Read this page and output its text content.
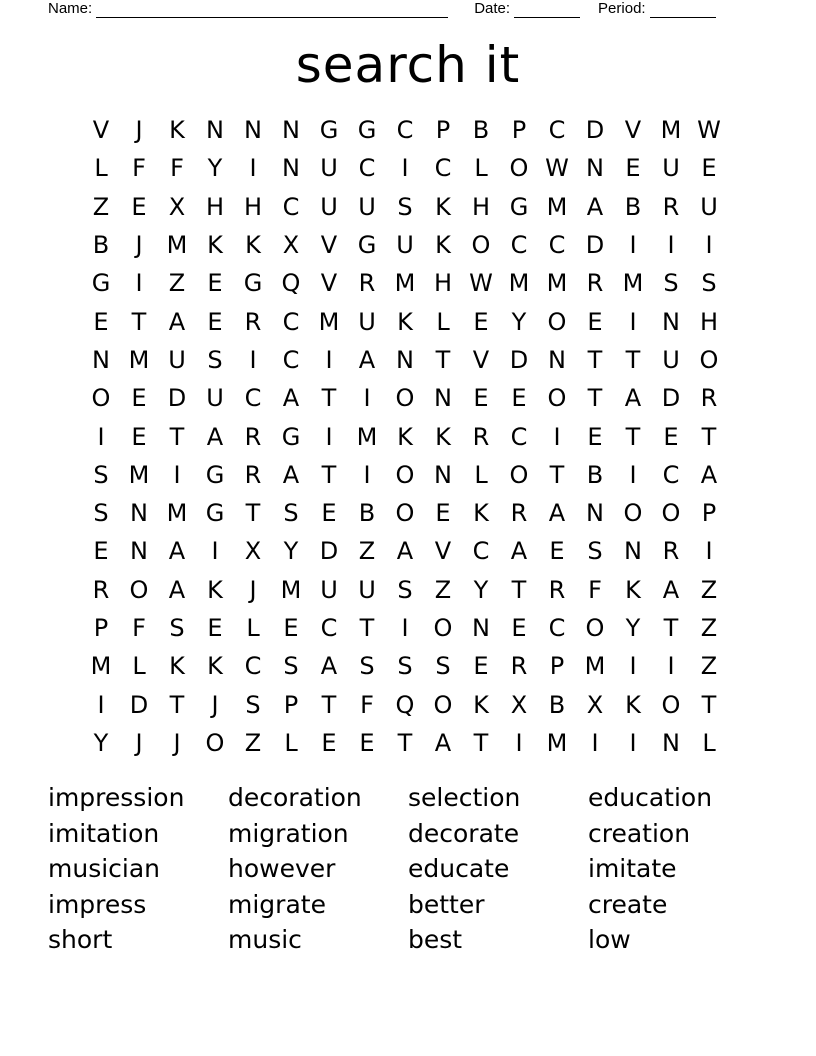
Name:	Date:	Period:
search it
V	J	K N N N G G C P B P C D V M W
L	F	F Y	I	N U C	I	C L O W N E U E
Z E X H H C U U S K H G M A B R U
B	J	M K K X V G U K O C C D	I	I	I
G	I	Z E G Q V R M H W M M R M S S
E T A E R C M U K L E Y O E	I	N H
N M U S	I	C	I	A N T V D N T T U O
O E D U C A T	I	O N E E O T A D R
I	E T A R G	I	M K K R C	I	E T E T
S M	I	G R A T	I	O N L O T B	I	C A
S N M G T S E B O E K R A N O O P
E N A	I	X Y D Z A V C A E S N R	I
R O A K	J	M U U S Z Y T R F K A Z
P F S E L E C T	I	O N E C O Y T Z
M L K K C S A S S S E R P M	I	I	Z
I	D T	J	S P T F Q O K X B X K O T
Y	J	J	O Z L E E T A T	I	M	I	I	N L
impression	decoration	selection	education
imitation	migration	decorate	creation
musician	however	educate	imitate
impress	migrate	better	create
short	music	best	low
